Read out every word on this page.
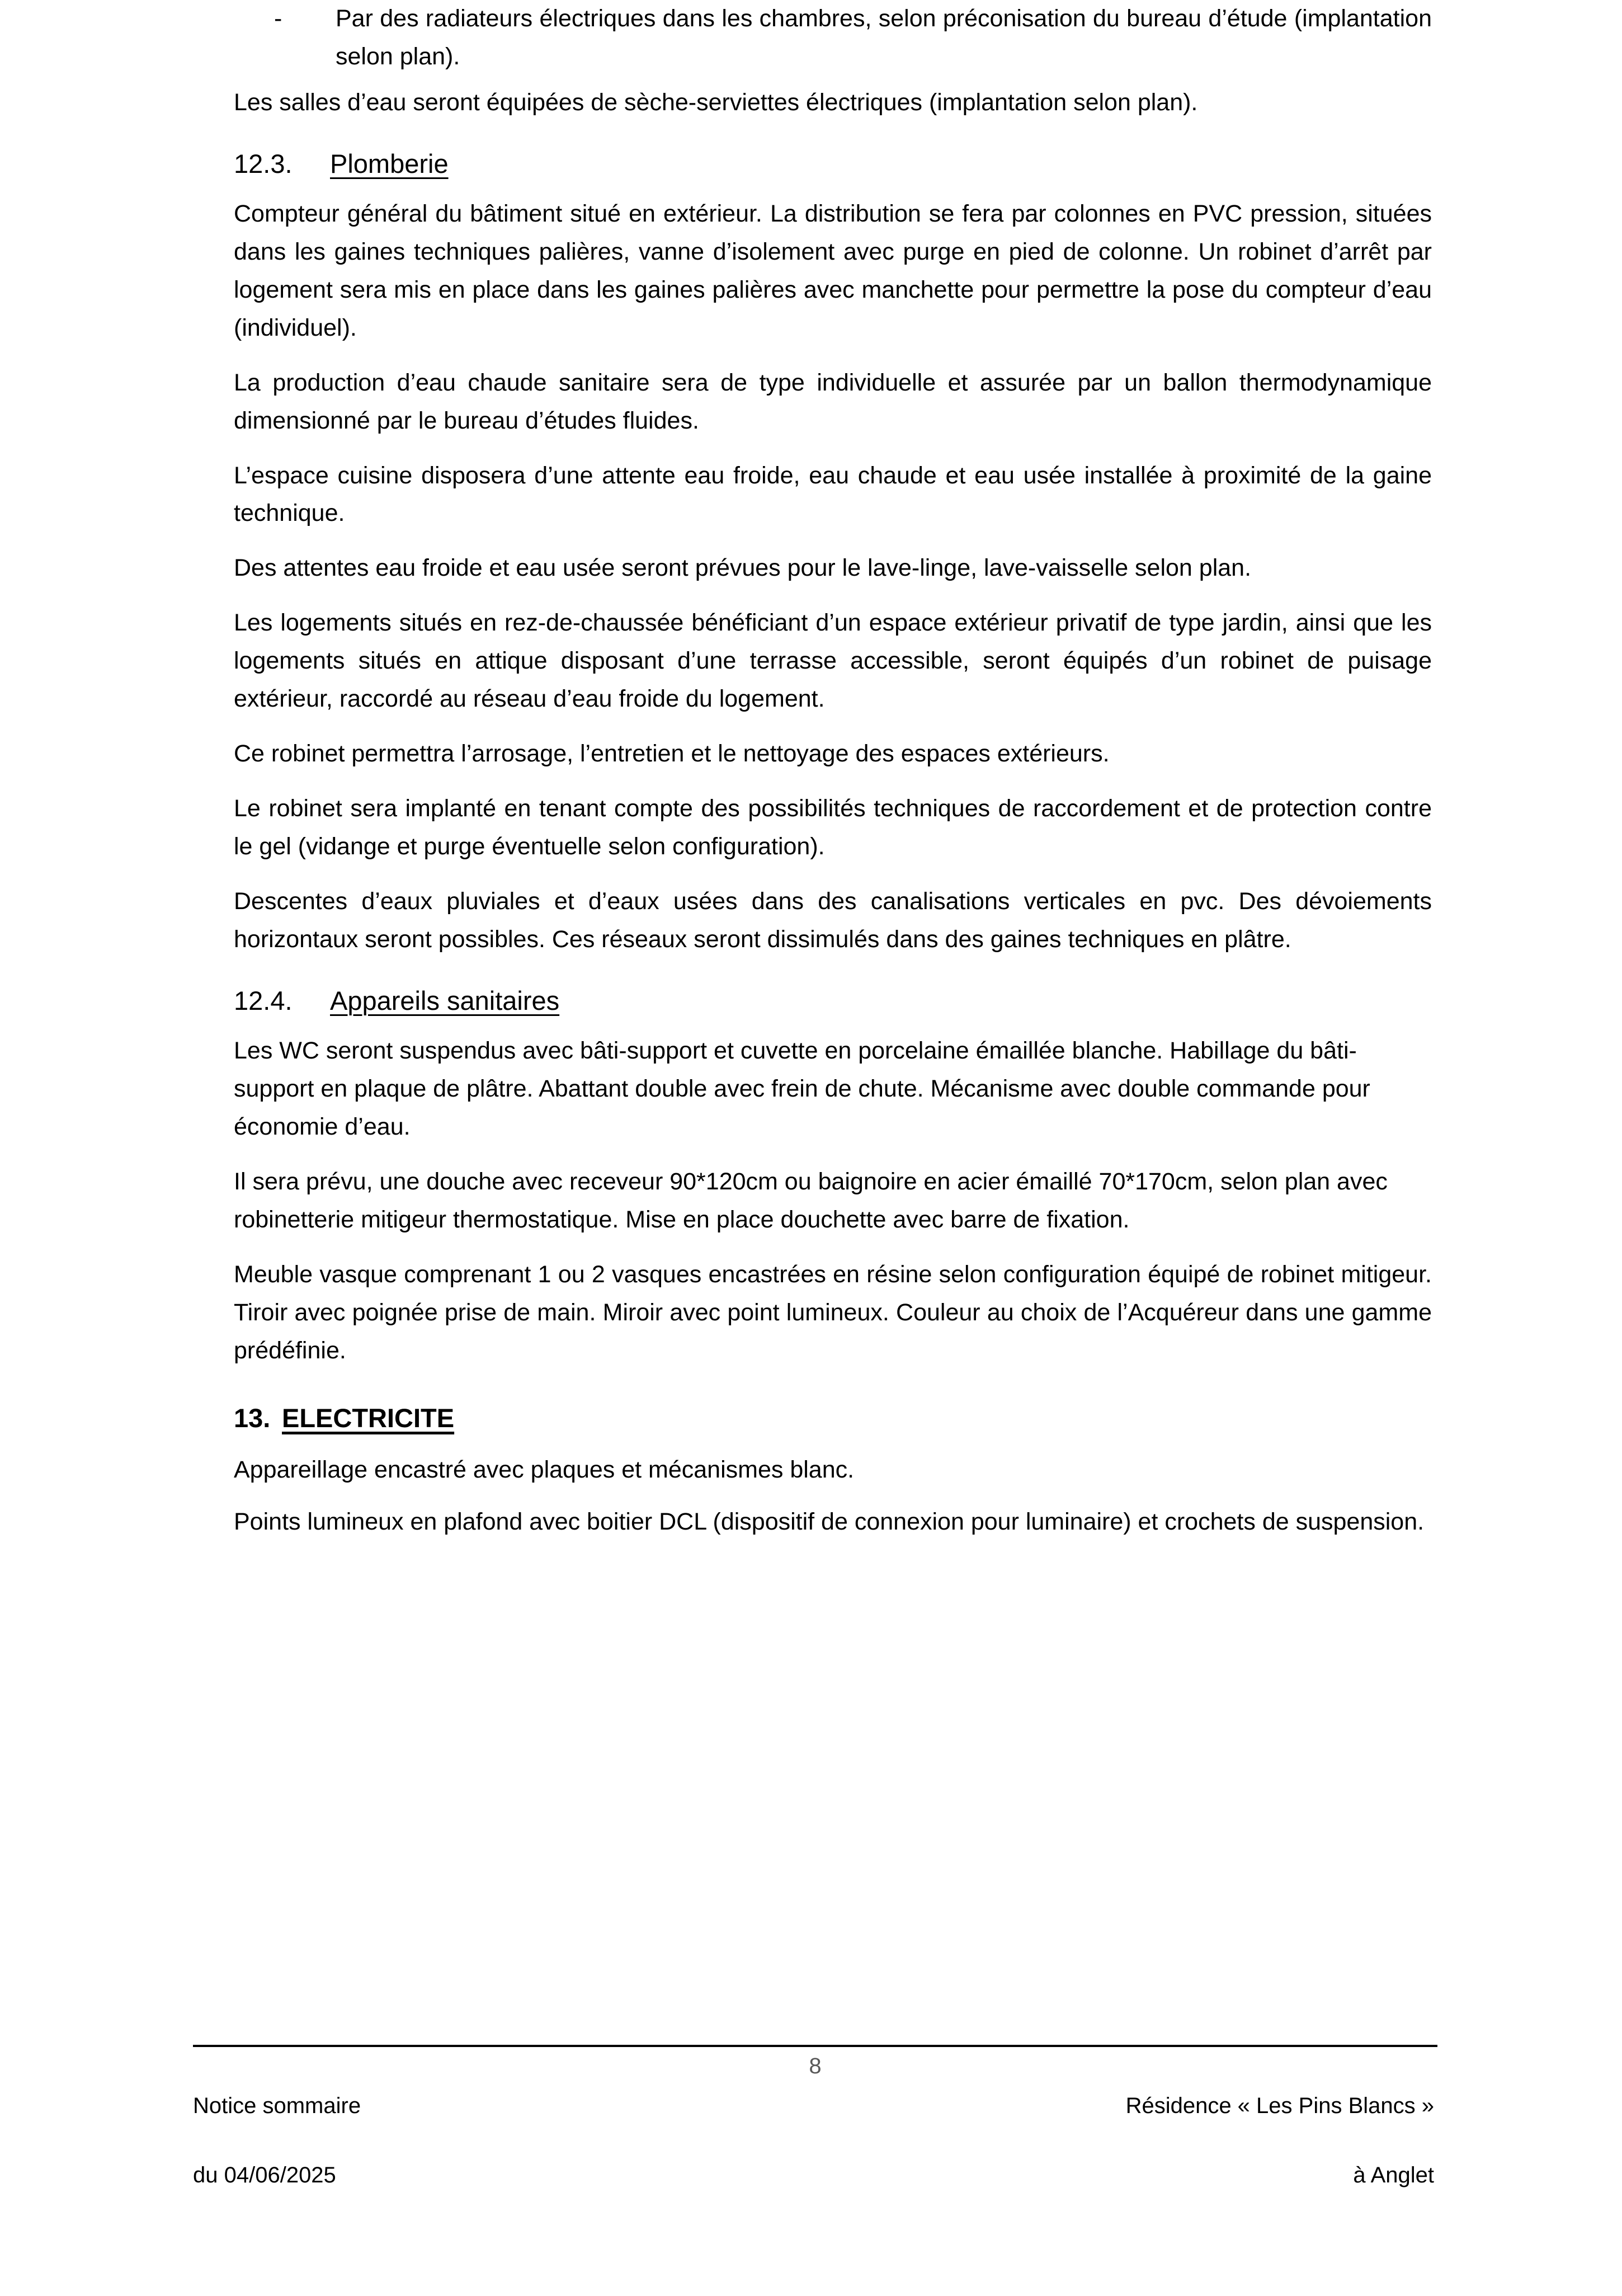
- Par des radiateurs électriques dans les chambres, selon préconisation du bureau d’étude (implantation selon plan).

Les salles d’eau seront équipées de sèche-serviettes électriques (implantation selon plan).

12.3.	Plomberie

Compteur général du bâtiment situé en extérieur. La distribution se fera par colonnes en PVC pression, situées dans les gaines techniques palières, vanne d’isolement avec purge en pied de colonne. Un robinet d’arrêt par logement sera mis en place dans les gaines palières avec manchette pour permettre la pose du compteur d’eau (individuel).

La production d’eau chaude sanitaire sera de type individuelle et assurée par un ballon thermodynamique dimensionné par le bureau d’études fluides.

L’espace cuisine disposera d’une attente eau froide, eau chaude et eau usée installée à proximité de la gaine technique.

Des attentes eau froide et eau usée seront prévues pour le lave-linge, lave-vaisselle selon plan.

Les logements situés en rez-de-chaussée bénéficiant d’un espace extérieur privatif de type jardin, ainsi que les logements situés en attique disposant d’une terrasse accessible, seront équipés d’un robinet de puisage extérieur, raccordé au réseau d’eau froide du logement.

Ce robinet permettra l’arrosage, l’entretien et le nettoyage des espaces extérieurs.

Le robinet sera implanté en tenant compte des possibilités techniques de raccordement et de protection contre le gel (vidange et purge éventuelle selon configuration).

Descentes d’eaux pluviales et d’eaux usées dans des canalisations verticales en pvc. Des dévoiements horizontaux seront possibles. Ces réseaux seront dissimulés dans des gaines techniques en plâtre.

12.4.	Appareils sanitaires

Les WC seront suspendus avec bâti-support et cuvette en porcelaine émaillée blanche. Habillage du bâti-support en plaque de plâtre. Abattant double avec frein de chute. Mécanisme avec double commande pour économie d’eau.

Il sera prévu, une douche avec receveur 90*120cm ou baignoire en acier émaillé 70*170cm, selon plan avec robinetterie mitigeur thermostatique. Mise en place douchette avec barre de fixation.

Meuble vasque comprenant 1 ou 2 vasques encastrées en résine selon configuration équipé de robinet mitigeur. Tiroir avec poignée prise de main. Miroir avec point lumineux. Couleur au choix de l’Acquéreur dans une gamme prédéfinie.

13. ELECTRICITE

Appareillage encastré avec plaques et mécanismes blanc.

Points lumineux en plafond avec boitier DCL (dispositif de connexion pour luminaire) et crochets de suspension.

Notice sommaire

du 04/06/2025

Résidence « Les Pins Blancs »

à Anglet

8
